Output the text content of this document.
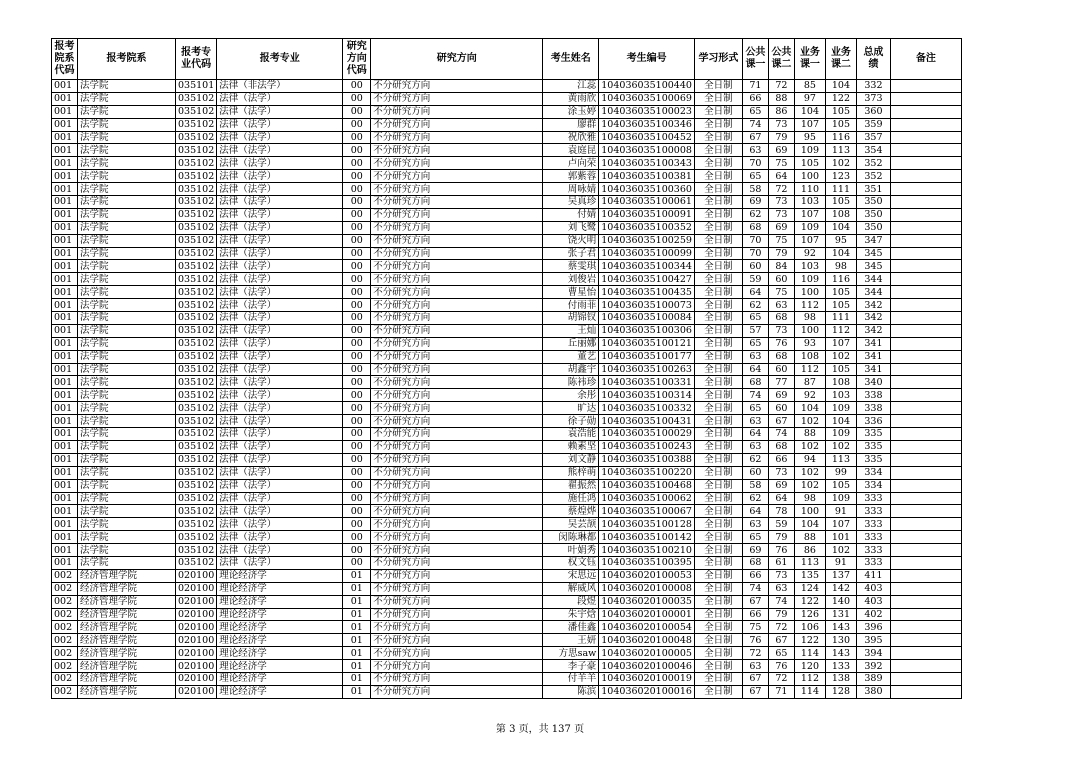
报考院系代码	报考院系	报考专业代码	报考专业	研究方向代码	研究方向	考生姓名	考生编号	学习形式	公共课一	公共课二	业务课一	业务课二	总成绩	备注
001	法学院	035101	法律（非法学）	00	不分研究方向	江蕊	104036035100440	全日制	71	72	85	104	332	
001	法学院	035102	法律（法学）	00	不分研究方向	黄雨欣	104036035100069	全日制	66	88	97	122	373	
001	法学院	035102	法律（法学）	00	不分研究方向	涂玉婷	104036035100023	全日制	65	86	104	105	360	
001	法学院	035102	法律（法学）	00	不分研究方向	廖群	104036035100346	全日制	74	73	107	105	359	
001	法学院	035102	法律（法学）	00	不分研究方向	祝欣雅	104036035100452	全日制	67	79	95	116	357	
001	法学院	035102	法律（法学）	00	不分研究方向	袁庭昆	104036035100008	全日制	63	69	109	113	354	
001	法学院	035102	法律（法学）	00	不分研究方向	卢向荣	104036035100343	全日制	70	75	105	102	352	
001	法学院	035102	法律（法学）	00	不分研究方向	郭紫蓉	104036035100381	全日制	65	64	100	123	352	
001	法学院	035102	法律（法学）	00	不分研究方向	周咏婧	104036035100360	全日制	58	72	110	111	351	
001	法学院	035102	法律（法学）	00	不分研究方向	吴真珍	104036035100061	全日制	69	73	103	105	350	
001	法学院	035102	法律（法学）	00	不分研究方向	付婧	104036035100091	全日制	62	73	107	108	350	
001	法学院	035102	法律（法学）	00	不分研究方向	刘飞鹭	104036035100352	全日制	68	69	109	104	350	
001	法学院	035102	法律（法学）	00	不分研究方向	饶火明	104036035100259	全日制	70	75	107	95	347	
001	法学院	035102	法律（法学）	00	不分研究方向	张子君	104036035100099	全日制	70	79	92	104	345	
001	法学院	035102	法律（法学）	00	不分研究方向	蔡雯琪	104036035100344	全日制	60	84	103	98	345	
001	法学院	035102	法律（法学）	00	不分研究方向	刘俊岩	104036035100427	全日制	59	60	109	116	344	
001	法学院	035102	法律（法学）	00	不分研究方向	曹星怡	104036035100435	全日制	64	75	100	105	344	
001	法学院	035102	法律（法学）	00	不分研究方向	付雨菲	104036035100073	全日制	62	63	112	105	342	
001	法学院	035102	法律（法学）	00	不分研究方向	胡锦钗	104036035100084	全日制	65	68	98	111	342	
001	法学院	035102	法律（法学）	00	不分研究方向	王灿	104036035100306	全日制	57	73	100	112	342	
001	法学院	035102	法律（法学）	00	不分研究方向	丘丽娜	104036035100121	全日制	65	76	93	107	341	
001	法学院	035102	法律（法学）	00	不分研究方向	董艺	104036035100177	全日制	63	68	108	102	341	
001	法学院	035102	法律（法学）	00	不分研究方向	胡鑫宇	104036035100263	全日制	64	60	112	105	341	
001	法学院	035102	法律（法学）	00	不分研究方向	陈祎珍	104036035100331	全日制	68	77	87	108	340	
001	法学院	035102	法律（法学）	00	不分研究方向	余彤	104036035100314	全日制	74	69	92	103	338	
001	法学院	035102	法律（法学）	00	不分研究方向	旷达	104036035100332	全日制	65	60	104	109	338	
001	法学院	035102	法律（法学）	00	不分研究方向	徐子勋	104036035100431	全日制	63	67	102	104	336	
001	法学院	035102	法律（法学）	00	不分研究方向	袁浩能	104036035100029	全日制	64	74	88	109	335	
001	法学院	035102	法律（法学）	00	不分研究方向	赖素坚	104036035100243	全日制	63	68	102	102	335	
001	法学院	035102	法律（法学）	00	不分研究方向	刘文静	104036035100388	全日制	62	66	94	113	335	
001	法学院	035102	法律（法学）	00	不分研究方向	熊梓萌	104036035100220	全日制	60	73	102	99	334	
001	法学院	035102	法律（法学）	00	不分研究方向	翟振然	104036035100468	全日制	58	69	102	105	334	
001	法学院	035102	法律（法学）	00	不分研究方向	施任鸿	104036035100062	全日制	62	64	98	109	333	
001	法学院	035102	法律（法学）	00	不分研究方向	蔡煌烨	104036035100067	全日制	64	78	100	91	333	
001	法学院	035102	法律（法学）	00	不分研究方向	吴芸颉	104036035100128	全日制	63	59	104	107	333	
001	法学院	035102	法律（法学）	00	不分研究方向	闵陈琳都	104036035100142	全日制	65	79	88	101	333	
001	法学院	035102	法律（法学）	00	不分研究方向	叶娟秀	104036035100210	全日制	69	76	86	102	333	
001	法学院	035102	法律（法学）	00	不分研究方向	权文钰	104036035100395	全日制	68	61	113	91	333	
002	经济管理学院	020100	理论经济学	01	不分研究方向	宋思远	104036020100053	全日制	66	73	135	137	411	
002	经济管理学院	020100	理论经济学	01	不分研究方向	解威风	104036020100008	全日制	74	63	124	142	403	
002	经济管理学院	020100	理论经济学	01	不分研究方向	段煜	104036020100035	全日制	67	74	122	140	403	
002	经济管理学院	020100	理论经济学	01	不分研究方向	朱宇焓	104036020100001	全日制	66	79	126	131	402	
002	经济管理学院	020100	理论经济学	01	不分研究方向	潘佳鑫	104036020100054	全日制	75	72	106	143	396	
002	经济管理学院	020100	理论经济学	01	不分研究方向	王妍	104036020100048	全日制	76	67	122	130	395	
002	经济管理学院	020100	理论经济学	01	不分研究方向	方思saw	104036020100005	全日制	72	65	114	143	394	
002	经济管理学院	020100	理论经济学	01	不分研究方向	李子豪	104036020100046	全日制	63	76	120	133	392	
002	经济管理学院	020100	理论经济学	01	不分研究方向	付羊羊	104036020100019	全日制	67	72	112	138	389	
002	经济管理学院	020100	理论经济学	01	不分研究方向	陈滨	104036020100016	全日制	67	71	114	128	380	
第 3 页，共 137 页
